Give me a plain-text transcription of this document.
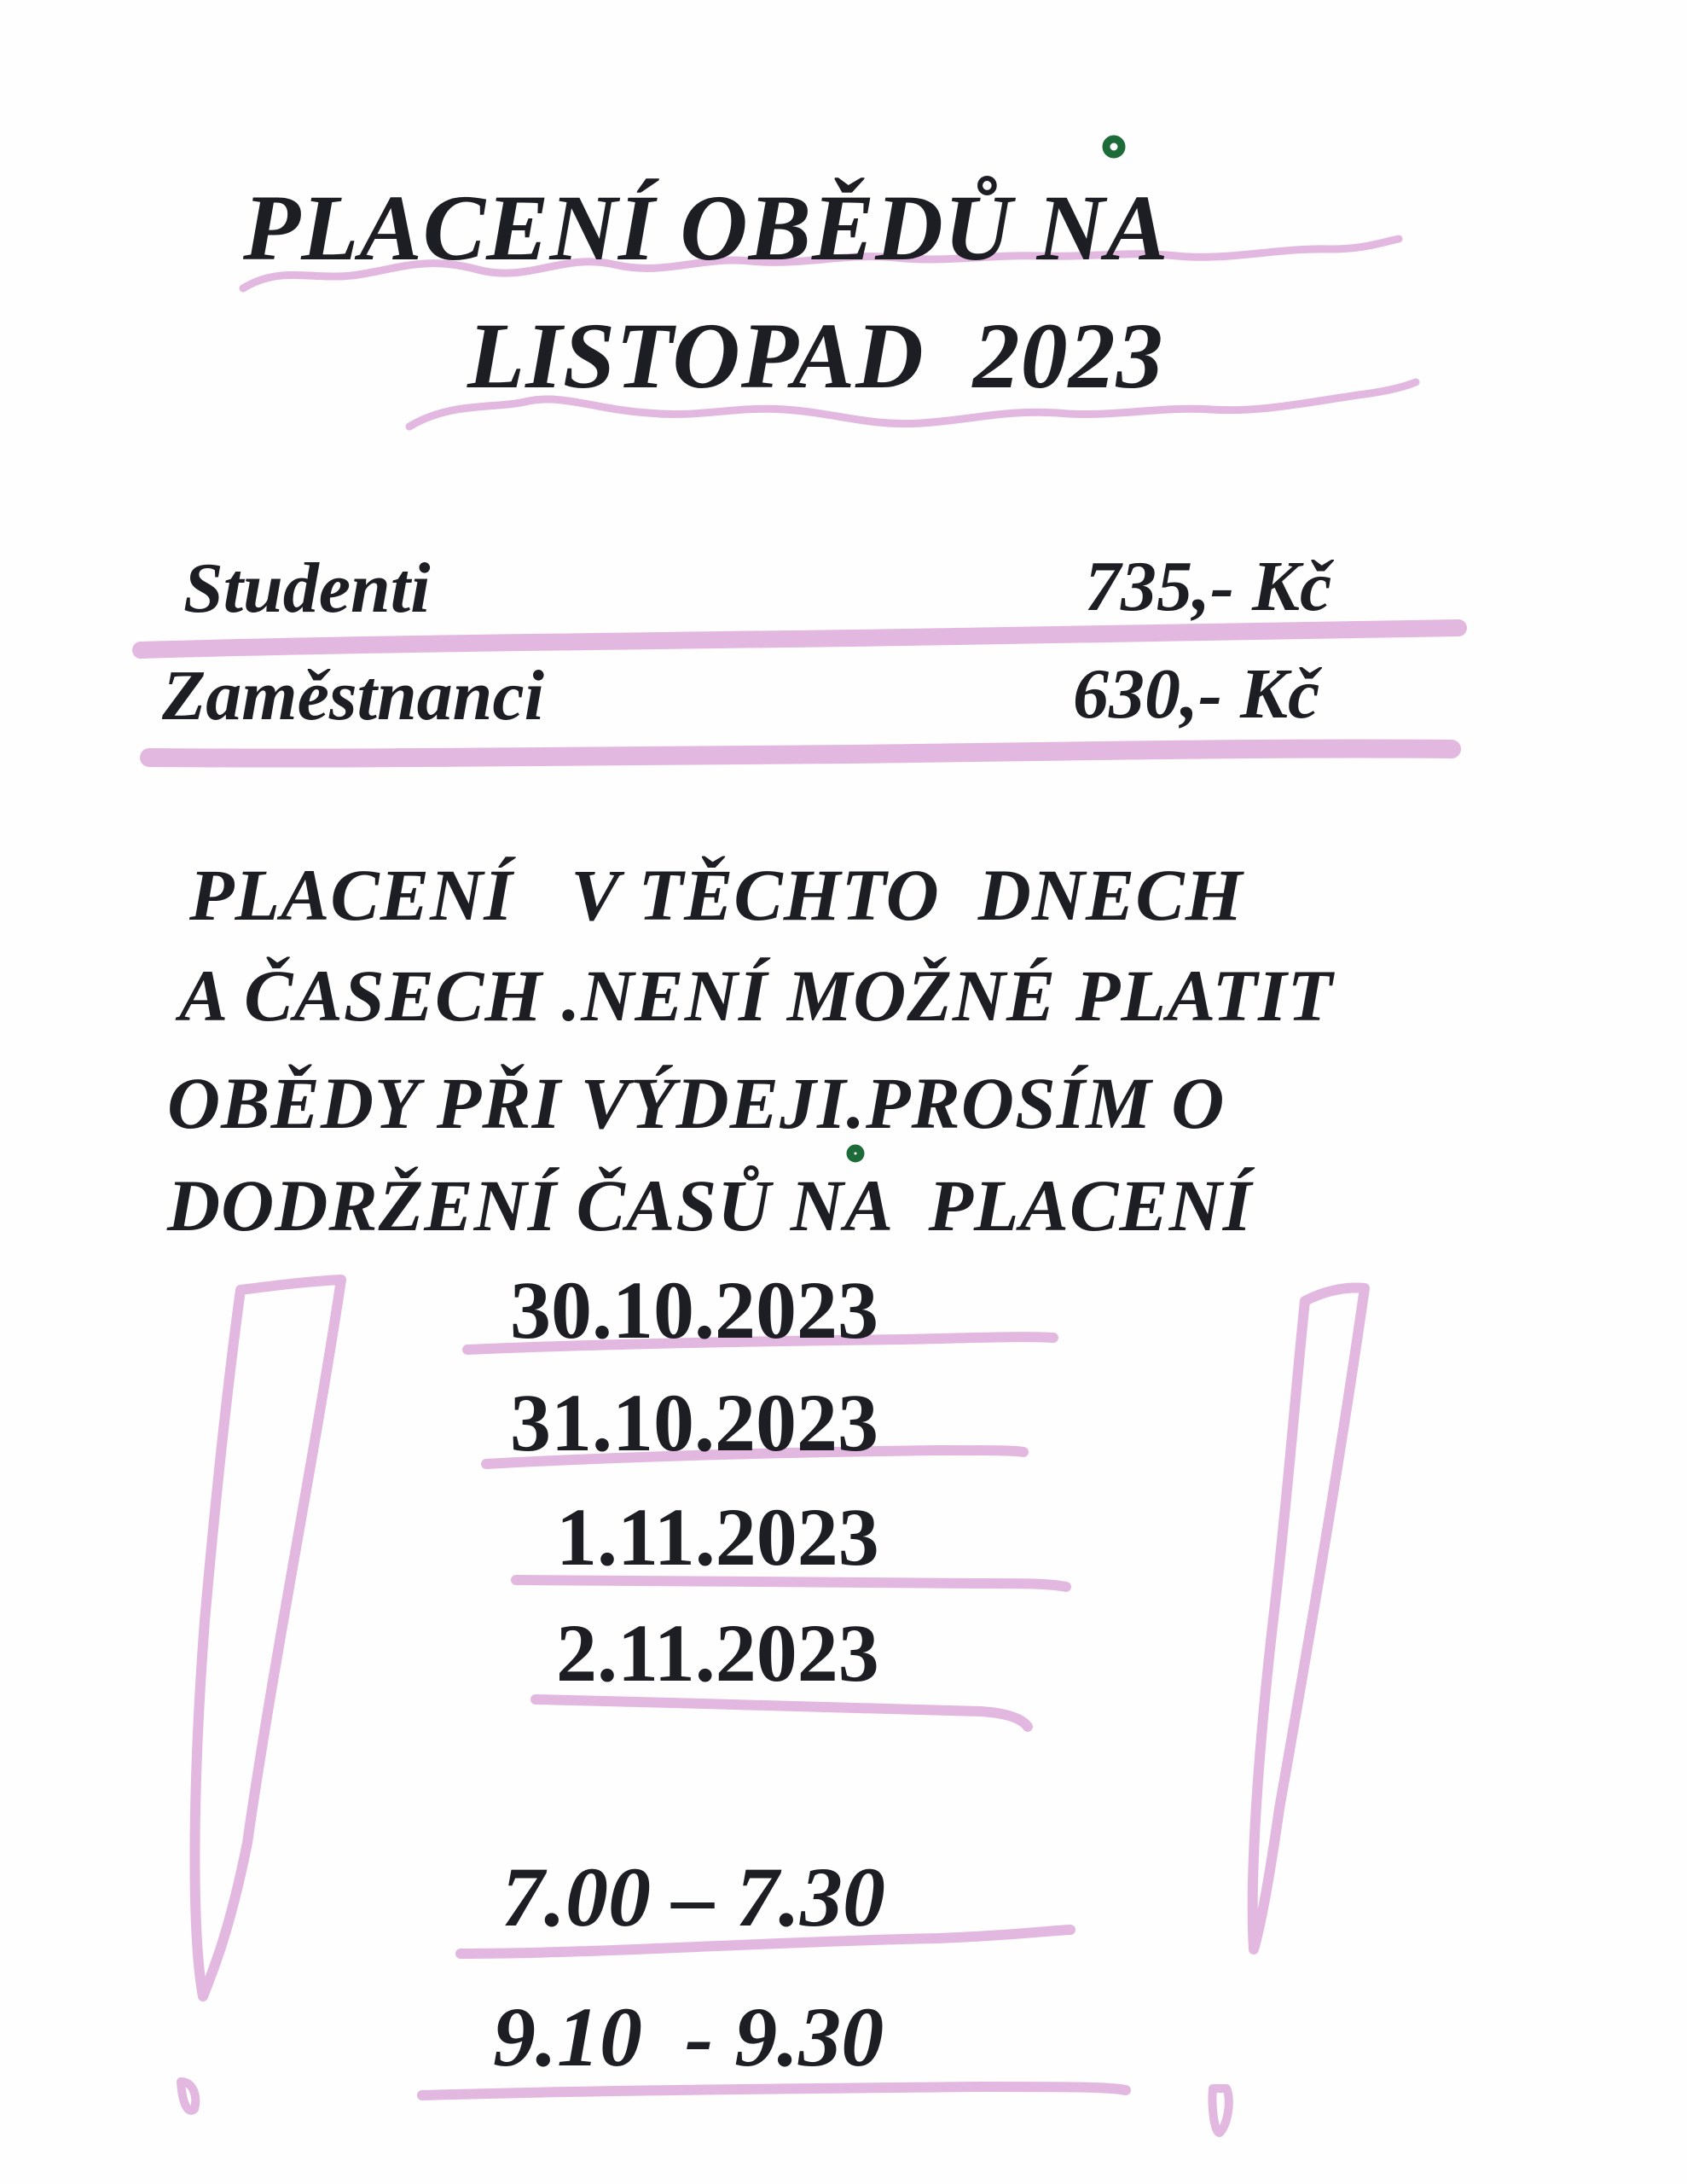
PLACENÍ OBĚDŮ NA

LISTOPAD  2023

Studenti	735,- Kč

Zaměstnanci	630,- Kč

PLACENÍ   V TĚCHTO  DNECH

A ČASECH .NENÍ MOŽNÉ PLATIT

OBĚDY PŘI VÝDEJI.PROSÍM O

DODRŽENÍ ČASŮ NA  PLACENÍ

30.10.2023

31.10.2023

1.11.2023

2.11.2023

7.00 – 7.30

9.10  - 9.30
